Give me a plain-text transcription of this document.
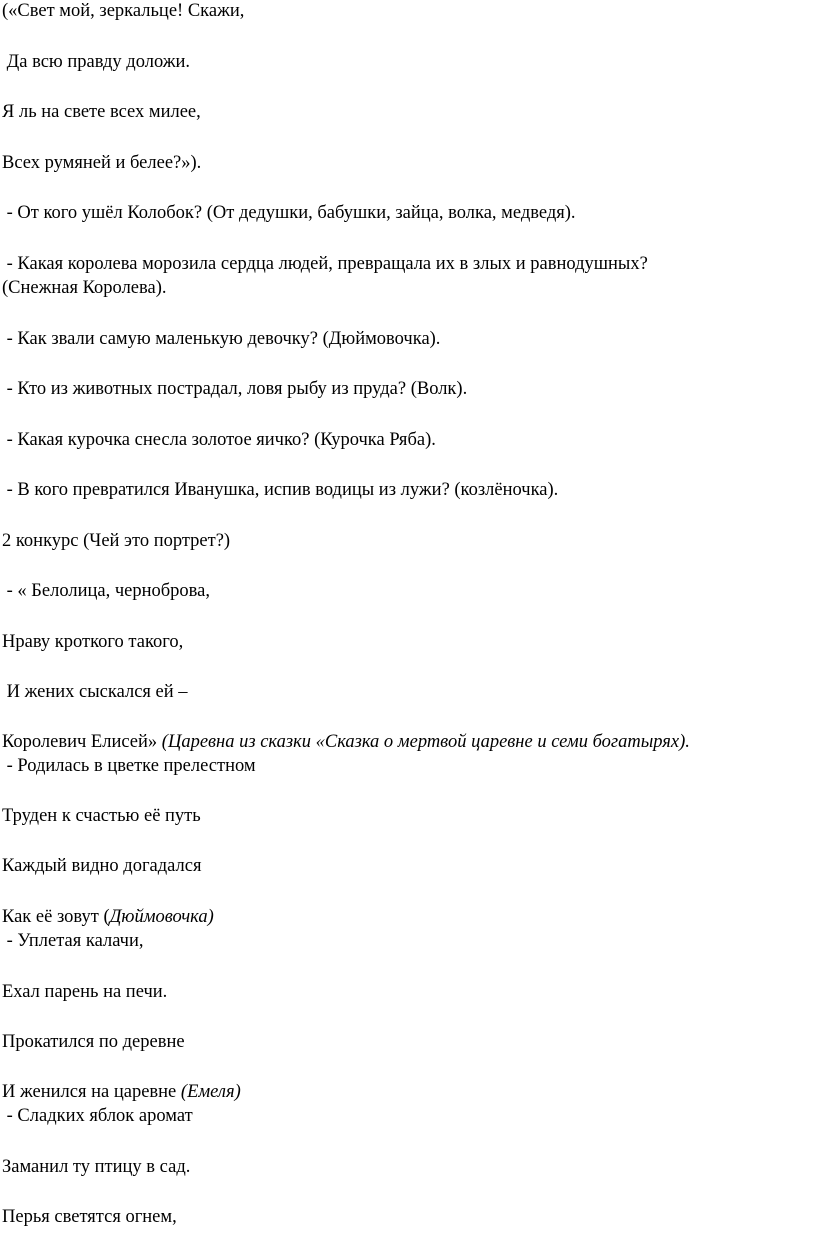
(«Свет мой, зеркальце! Скажи,

Да всю правду доложи.

Я ль на свете всех милее,

Всех румяней и белее?»).

- От кого ушёл Колобок? (От дедушки, бабушки, зайца, волка, медведя).

- Какая королева морозила сердца людей, превращала их в злых и равнодушных?

(Снежная Королева).

- Как звали самую маленькую девочку? (Дюймовочка).

- Кто из животных пострадал, ловя рыбу из пруда? (Волк).

- Какая курочка снесла золотое яичко? (Курочка Ряба).

- В кого превратился Иванушка, испив водицы из лужи? (козлёночка).

2 конкурс (Чей это портрет?)

- « Белолица, черноброва,

Нраву кроткого такого,

И жених сыскался ей –

Королевич Елисей» (Царевна из сказки «Сказка о мертвой царевне и семи богатырях).

- Родилась в цветке прелестном

Труден к счастью её путь

Каждый видно догадался

Как её зовут (Дюймовочка)

- Уплетая калачи,

Ехал парень на печи.

Прокатился по деревне

И женился на царевне (Емеля)

- Сладких яблок аромат

Заманил ту птицу в сад.

Перья светятся огнем,
